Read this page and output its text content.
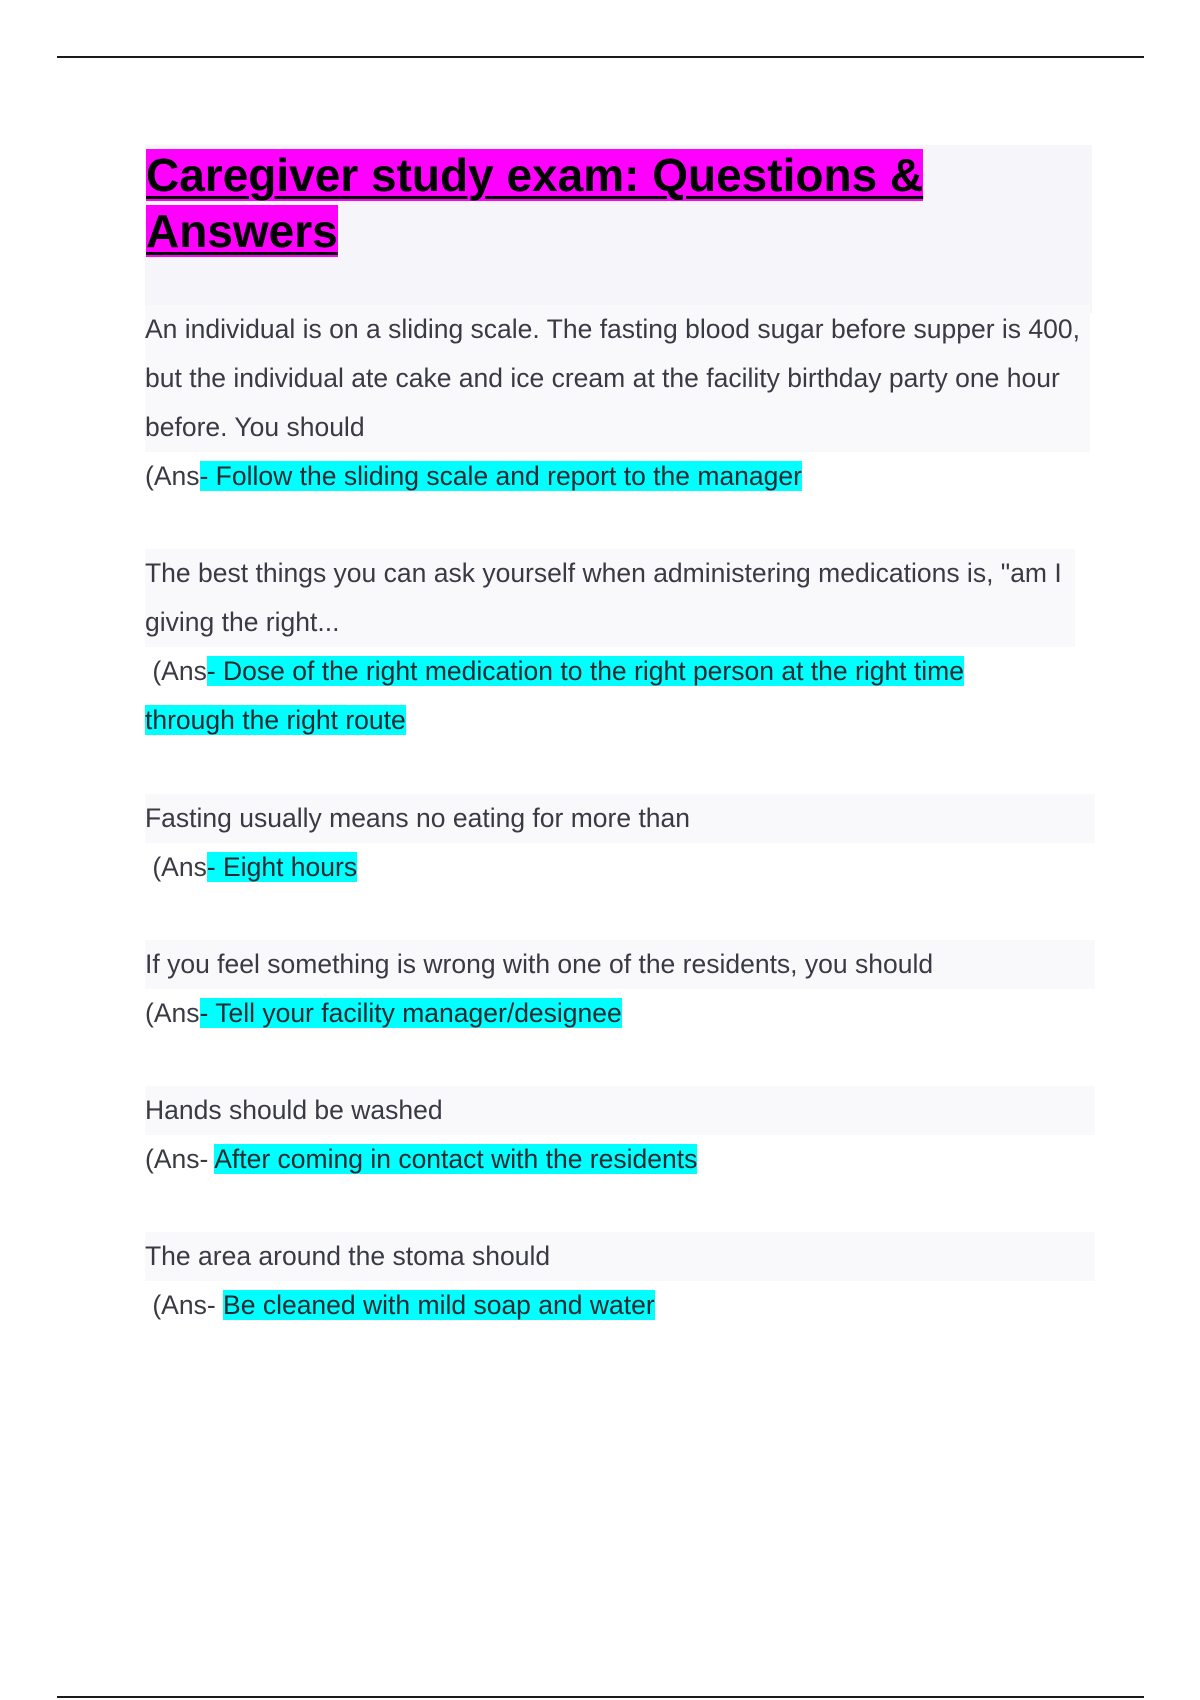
Caregiver study exam: Questions & Answers

An individual is on a sliding scale. The fasting blood sugar before supper is 400, but the individual ate cake and ice cream at the facility birthday party one hour before. You should

(Ans- Follow the sliding scale and report to the manager

The best things you can ask yourself when administering medications is, "am I giving the right...

(Ans- Dose of the right medication to the right person at the right time through the right route

Fasting usually means no eating for more than

(Ans- Eight hours

If you feel something is wrong with one of the residents, you should

(Ans- Tell your facility manager/designee

Hands should be washed

(Ans- After coming in contact with the residents

The area around the stoma should

(Ans- Be cleaned with mild soap and water
